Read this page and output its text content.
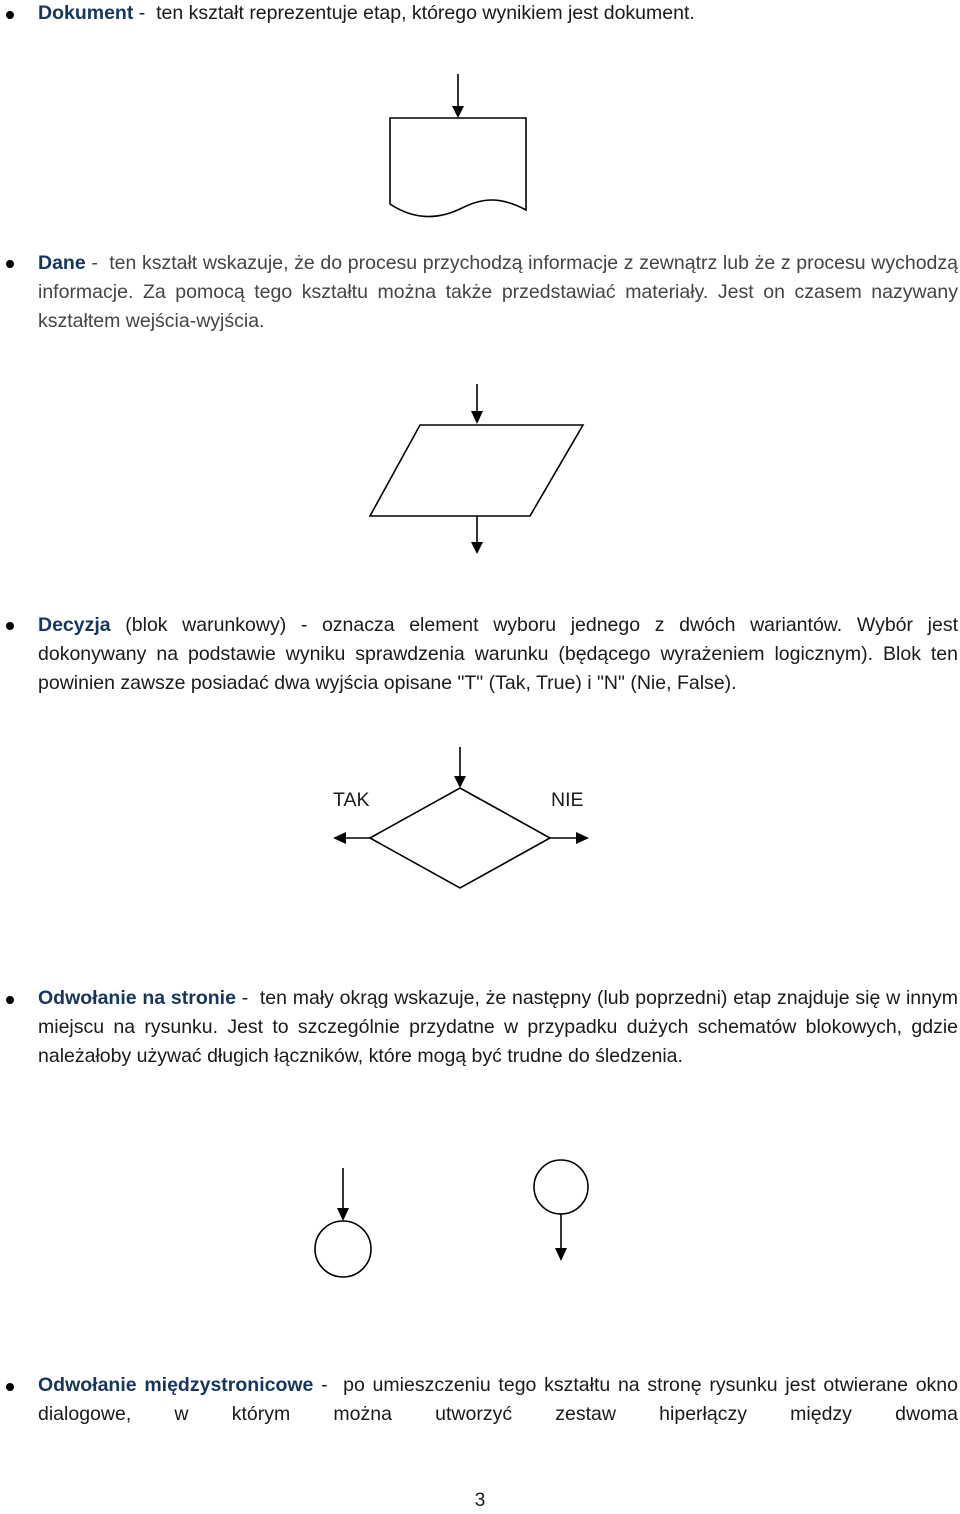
Dokument -  ten kształt reprezentuje etap, którego wynikiem jest dokument.

Dane -  ten kształt wskazuje, że do procesu przychodzą informacje z zewnątrz lub że z procesu wychodzą informacje. Za pomocą tego kształtu można także przedstawiać materiały. Jest on czasem nazywany kształtem wejścia-wyjścia.

Decyzja (blok warunkowy) - oznacza element wyboru jednego z dwóch wariantów. Wybór jest dokonywany na podstawie wyniku sprawdzenia warunku (będącego wyrażeniem logicznym). Blok ten powinien zawsze posiadać dwa wyjścia opisane "T" (Tak, True) i "N" (Nie, False).

TAK	NIE

Odwołanie na stronie -  ten mały okrąg wskazuje, że następny (lub poprzedni) etap znajduje się w innym miejscu na rysunku. Jest to szczególnie przydatne w przypadku dużych schematów blokowych, gdzie należałoby używać długich łączników, które mogą być trudne do śledzenia.

Odwołanie międzystronicowe -  po umieszczeniu tego kształtu na stronę rysunku jest otwierane okno dialogowe, w którym można utworzyć zestaw hiperłączy między dwoma

3
